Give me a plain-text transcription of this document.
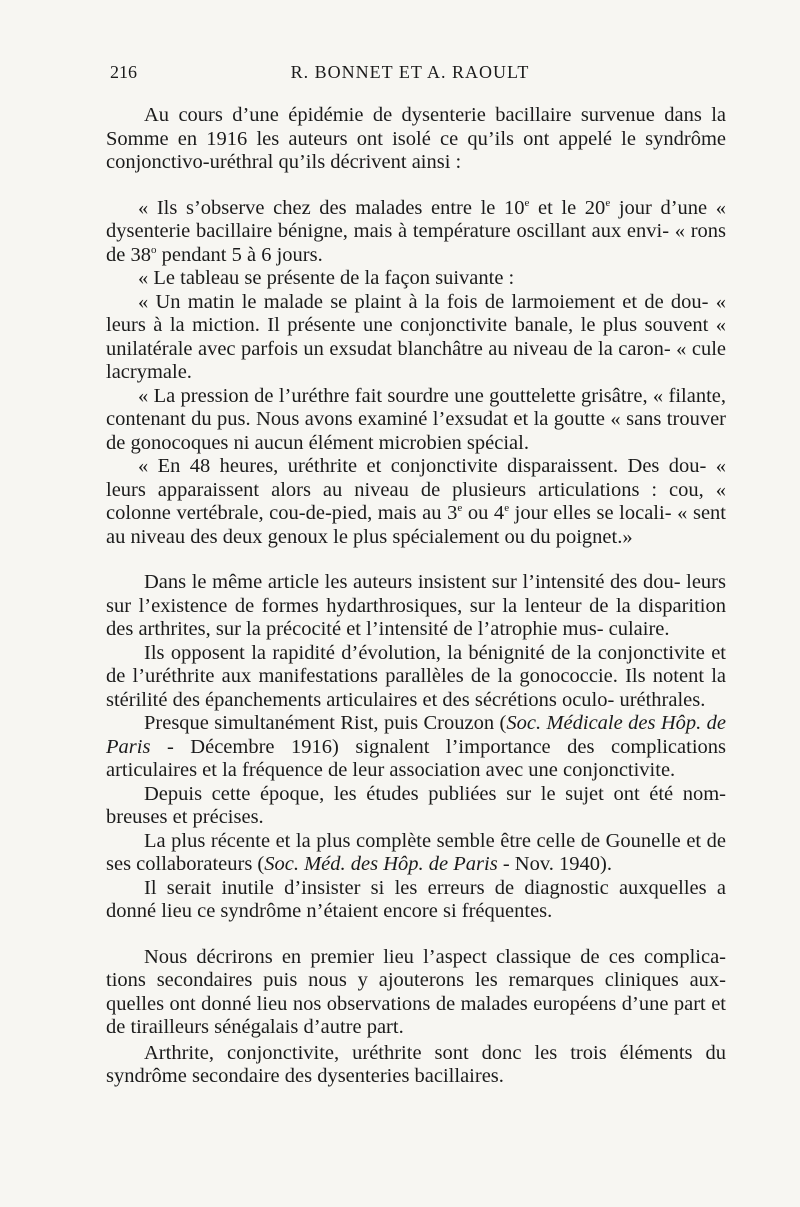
216	R. BONNET ET A. RAOULT

Au cours d’une épidémie de dysenterie bacillaire survenue dans la Somme en 1916 les auteurs ont isolé ce qu’ils ont appelé le syndrôme conjonctivo-uréthral qu’ils décrivent ainsi :

« Ils s’observe chez des malades entre le 10e et le 20e jour d’une « dysenterie bacillaire bénigne, mais à température oscillant aux envi- « rons de 38$^o$ pendant 5 à 6 jours.

« Le tableau se présente de la façon suivante :

« Un matin le malade se plaint à la fois de larmoiement et de dou- « leurs à la miction. Il présente une conjonctivite banale, le plus souvent « unilatérale avec parfois un exsudat blanchâtre au niveau de la caron- « cule lacrymale.

« La pression de l’uréthre fait sourdre une gouttelette grisâtre, « filante, contenant du pus. Nous avons examiné l’exsudat et la goutte « sans trouver de gonocoques ni aucun élément microbien spécial.

« En 48 heures, uréthrite et conjonctivite disparaissent. Des dou- « leurs apparaissent alors au niveau de plusieurs articulations : cou, « colonne vertébrale, cou-de-pied, mais au 3e ou 4e jour elles se locali- « sent au niveau des deux genoux le plus spécialement ou du poignet.»

Dans le même article les auteurs insistent sur l’intensité des dou- leurs sur l’existence de formes hydarthrosiques, sur la lenteur de la disparition des arthrites, sur la précocité et l’intensité de l’atrophie mus- culaire.

Ils opposent la rapidité d’évolution, la bénignité de la conjonctivite et de l’uréthrite aux manifestations parallèles de la gonococcie. Ils notent la stérilité des épanchements articulaires et des sécrétions oculo- uréthrales.

Presque simultanément Rist, puis Crouzon (Soc. Médicale des Hôp. de Paris - Décembre 1916) signalent l’importance des complications articulaires et la fréquence de leur association avec une conjonctivite.

Depuis cette époque, les études publiées sur le sujet ont été nom- breuses et précises.

La plus récente et la plus complète semble être celle de Gounelle et de ses collaborateurs (Soc. Méd. des Hôp. de Paris - Nov. 1940).

Il serait inutile d’insister si les erreurs de diagnostic auxquelles a donné lieu ce syndrôme n’étaient encore si fréquentes.

Nous décrirons en premier lieu l’aspect classique de ces complica- tions secondaires puis nous y ajouterons les remarques cliniques aux- quelles ont donné lieu nos observations de malades européens d’une part et de tirailleurs sénégalais d’autre part.

Arthrite, conjonctivite, uréthrite sont donc les trois éléments du syndrôme secondaire des dysenteries bacillaires.
